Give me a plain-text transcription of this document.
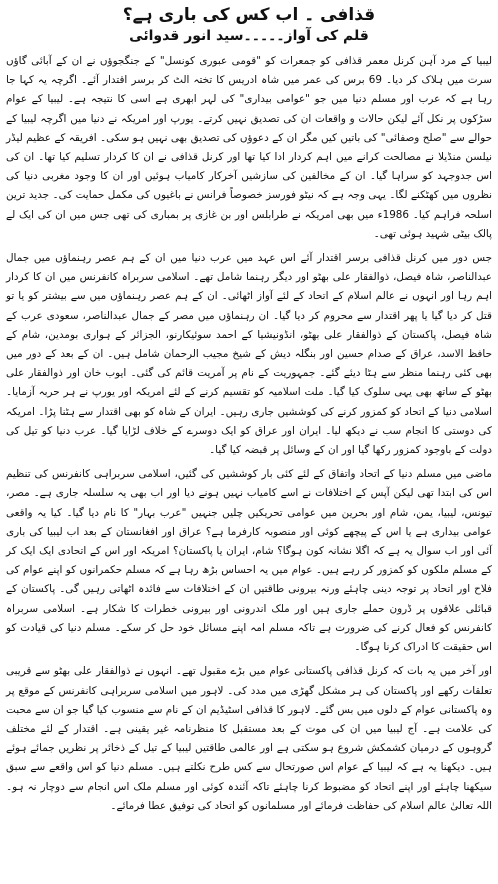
قذافی ۔ اب کس کی باری ہے؟
قلم کی آواز۔۔۔۔۔سید انور قدوائی

لیبیا کے مرد آہن کرنل معمر قذافی کو جمعرات کو "قومی عبوری کونسل" کے جنگجوؤں نے ان کے آبائی گاؤں سرت میں ہلاک کر دیا۔ 69 برس کی عمر میں شاہ ادریس کا تختہ الٹ کر برسر اقتدار آئے۔ اگرچہ یہ کہا جا رہا ہے کہ عرب اور مسلم دنیا میں جو "عوامی بیداری" کی لہر ابھری ہے اسی کا نتیجہ ہے۔ لیبیا کے عوام سڑکوں پر نکل آئے لیکن حالات و واقعات ان کی تصدیق نہیں کرتے۔ یورپ اور امریکہ نے دنیا میں اگرچہ لیبیا کے حوالے سے "صلح وصفائی" کی باتیں کیں مگر ان کے دعوؤں کی تصدیق بھی نہیں ہو سکی۔ افریقہ کے عظیم لیڈر نیلسن منڈیلا نے مصالحت کرانے میں اہم کردار ادا کیا تھا اور کرنل قذافی نے ان کا کردار تسلیم کیا تھا۔ ان کی اس جدوجہد کو سراہا گیا۔ ان کے مخالفین کی سازشیں آخرکار کامیاب ہوئیں اور ان کا وجود مغربی دنیا کی نظروں میں کھٹکنے لگا۔ یہی وجہ ہے کہ نیٹو فورسز خصوصاً فرانس نے باغیوں کی مکمل حمایت کی۔ جدید ترین اسلحہ فراہم کیا۔ 1986ء میں بھی امریکہ نے طرابلس اور بن غازی پر بمباری کی تھی جس میں ان کی ایک لے پالک بیٹی شہید ہوئی تھی۔

جس دور میں کرنل قذافی برسر اقتدار آئے اس عہد میں عرب دنیا میں ان کے ہم عصر رہنماؤں میں جمال عبدالناصر، شاہ فیصل، ذوالفقار علی بھٹو اور دیگر رہنما شامل تھے۔ اسلامی سربراہ کانفرنس میں ان کا کردار اہم رہا اور انہوں نے عالم اسلام کے اتحاد کے لئے آواز اٹھائی۔ ان کے ہم عصر رہنماؤں میں سے بیشتر کو یا تو قتل کر دیا گیا یا پھر اقتدار سے محروم کر دیا گیا۔ ان رہنماؤں میں مصر کے جمال عبدالناصر، سعودی عرب کے شاہ فیصل، پاکستان کے ذوالفقار علی بھٹو، انڈونیشیا کے احمد سوئیکارنو، الجزائر کے ہواری بومدین، شام کے حافظ الاسد، عراق کے صدام حسین اور بنگلہ دیش کے شیخ مجیب الرحمان شامل ہیں۔ ان کے بعد کے دور میں بھی کئی رہنما منظر سے ہٹا دیئے گئے۔ جمہوریت کے نام پر آمریت قائم کی گئی۔ ایوب خان اور ذوالفقار علی بھٹو کے ساتھ بھی یہی سلوک کیا گیا۔ ملت اسلامیہ کو تقسیم کرنے کے لئے امریکہ اور یورپ نے ہر حربہ آزمایا۔ اسلامی دنیا کے اتحاد کو کمزور کرنے کی کوششیں جاری رہیں۔ ایران کے شاہ کو بھی اقتدار سے ہٹنا پڑا۔ امریکہ کی دوستی کا انجام سب نے دیکھ لیا۔ ایران اور عراق کو ایک دوسرے کے خلاف لڑایا گیا۔ عرب دنیا کو تیل کی دولت کے باوجود کمزور رکھا گیا اور ان کے وسائل پر قبضہ کیا گیا۔

ماضی میں مسلم دنیا کے اتحاد واتفاق کے لئے کئی بار کوششیں کی گئیں، اسلامی سربراہی کانفرنس کی تنظیم اس کی ابتدا تھی لیکن آپس کے اختلافات نے اسے کامیاب نہیں ہونے دیا اور اب بھی یہ سلسلہ جاری ہے۔ مصر، تیونس، لیبیا، یمن، شام اور بحرین میں عوامی تحریکیں چلیں جنہیں "عرب بہار" کا نام دیا گیا۔ کیا یہ واقعی عوامی بیداری ہے یا اس کے پیچھے کوئی اور منصوبہ کارفرما ہے؟ عراق اور افغانستان کے بعد اب لیبیا کی باری آئی اور اب سوال یہ ہے کہ اگلا نشانہ کون ہوگا؟ شام، ایران یا پاکستان؟ امریکہ اور اس کے اتحادی ایک ایک کر کے مسلم ملکوں کو کمزور کر رہے ہیں۔ عوام میں یہ احساس بڑھ رہا ہے کہ مسلم حکمرانوں کو اپنے عوام کی فلاح اور اتحاد پر توجہ دینی چاہئے ورنہ بیرونی طاقتیں ان کے اختلافات سے فائدہ اٹھاتی رہیں گی۔ پاکستان کے قبائلی علاقوں پر ڈرون حملے جاری ہیں اور ملک اندرونی اور بیرونی خطرات کا شکار ہے۔ اسلامی سربراہ کانفرنس کو فعال کرنے کی ضرورت ہے تاکہ مسلم امہ اپنے مسائل خود حل کر سکے۔ مسلم دنیا کی قیادت کو اس حقیقت کا ادراک کرنا ہوگا۔

اور آخر میں یہ بات کہ کرنل قذافی پاکستانی عوام میں بڑے مقبول تھے۔ انہوں نے ذوالفقار علی بھٹو سے قریبی تعلقات رکھے اور پاکستان کی ہر مشکل گھڑی میں مدد کی۔ لاہور میں اسلامی سربراہی کانفرنس کے موقع پر وہ پاکستانی عوام کے دلوں میں بس گئے۔ لاہور کا قذافی اسٹیڈیم ان کے نام سے منسوب کیا گیا جو ان سے محبت کی علامت ہے۔ آج لیبیا میں ان کی موت کے بعد مستقبل کا منظرنامہ غیر یقینی ہے۔ اقتدار کے لئے مختلف گروہوں کے درمیان کشمکش شروع ہو سکتی ہے اور عالمی طاقتیں لیبیا کے تیل کے ذخائر پر نظریں جمائے ہوئے ہیں۔ دیکھنا یہ ہے کہ لیبیا کے عوام اس صورتحال سے کس طرح نکلتے ہیں۔ مسلم دنیا کو اس واقعے سے سبق سیکھنا چاہئے اور اپنے اتحاد کو مضبوط کرنا چاہئے تاکہ آئندہ کوئی اور مسلم ملک اس انجام سے دوچار نہ ہو۔ اللہ تعالیٰ عالم اسلام کی حفاظت فرمائے اور مسلمانوں کو اتحاد کی توفیق عطا فرمائے۔
